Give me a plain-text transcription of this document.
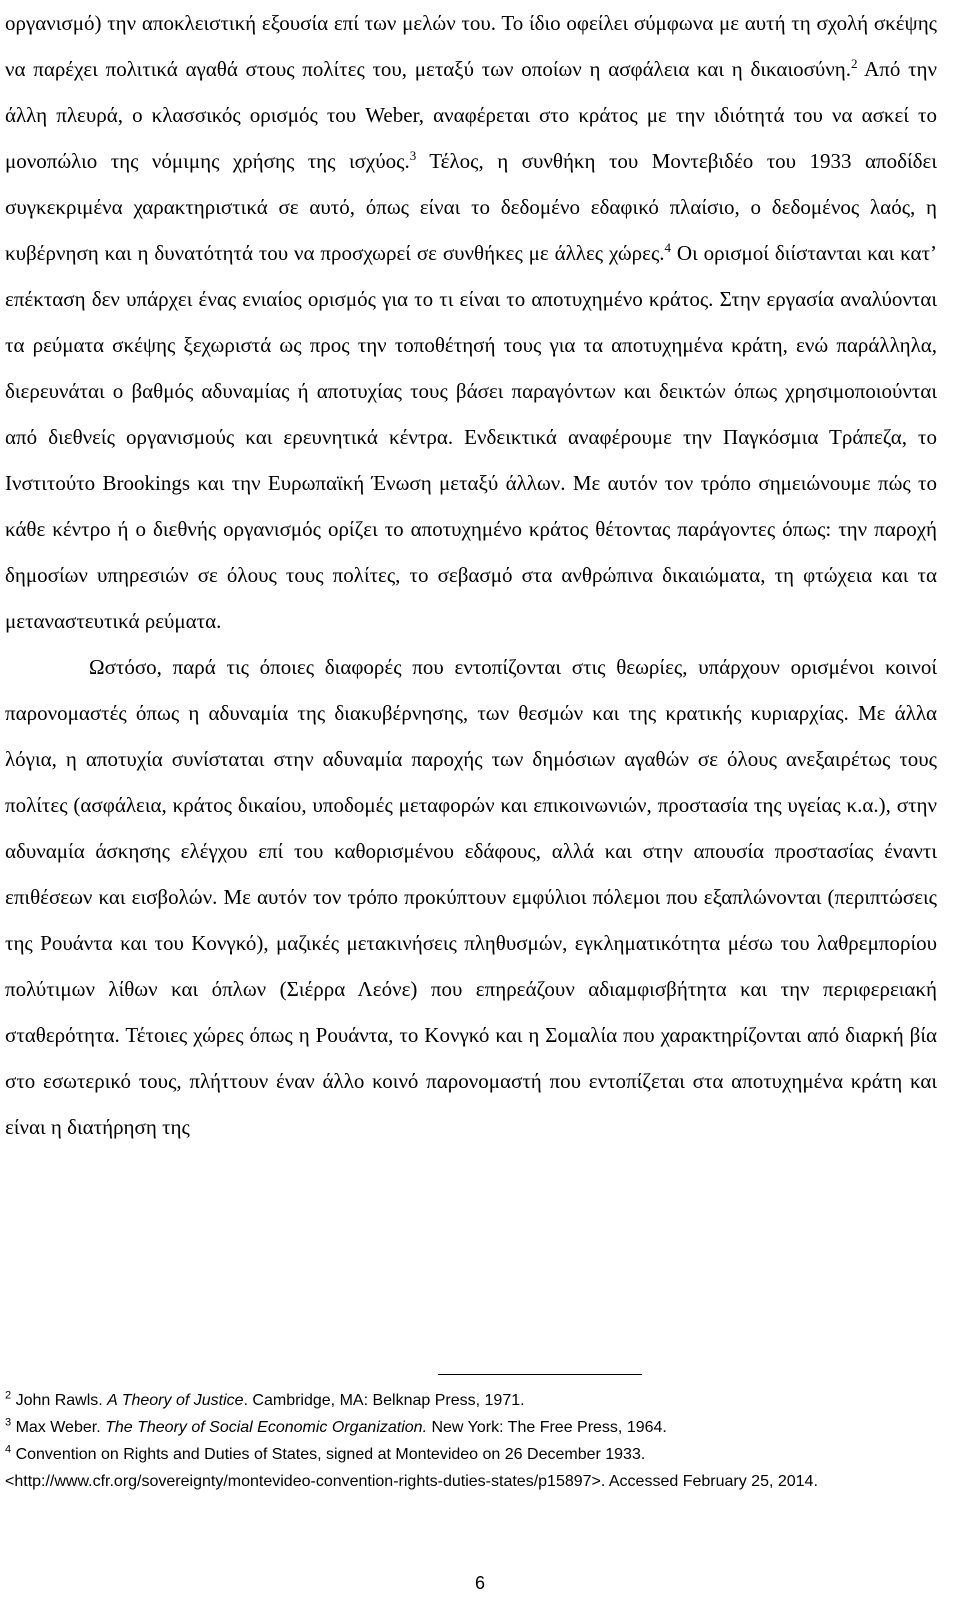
οργανισμό) την αποκλειστική εξουσία επί των μελών του. Το ίδιο οφείλει σύμφωνα με αυτή τη σχολή σκέψης να παρέχει πολιτικά αγαθά στους πολίτες του, μεταξύ των οποίων η ασφάλεια και η δικαιοσύνη.$^2$ Από την άλλη πλευρά, ο κλασσικός ορισμός του Weber, αναφέρεται στο κράτος με την ιδιότητά του να ασκεί το μονοπώλιο της νόμιμης χρήσης της ισχύος.$^3$ Τέλος, η συνθήκη του Μοντεβιδέο του 1933 αποδίδει συγκεκριμένα χαρακτηριστικά σε αυτό, όπως είναι το δεδομένο εδαφικό πλαίσιο, ο δεδομένος λαός, η κυβέρνηση και η δυνατότητά του να προσχωρεί σε συνθήκες με άλλες χώρες.$^4$ Οι ορισμοί διίστανται και κατ’ επέκταση δεν υπάρχει ένας ενιαίος ορισμός για το τι είναι το αποτυχημένο κράτος. Στην εργασία αναλύονται τα ρεύματα σκέψης ξεχωριστά ως προς την τοποθέτησή τους για τα αποτυχημένα κράτη, ενώ παράλληλα, διερευνάται ο βαθμός αδυναμίας ή αποτυχίας τους βάσει παραγόντων και δεικτών όπως χρησιμοποιούνται από διεθνείς οργανισμούς και ερευνητικά κέντρα. Ενδεικτικά αναφέρουμε την Παγκόσμια Τράπεζα, το Ινστιτούτο Brookings και την Ευρωπαϊκή Ένωση μεταξύ άλλων. Με αυτόν τον τρόπο σημειώνουμε πώς το κάθε κέντρο ή ο διεθνής οργανισμός ορίζει το αποτυχημένο κράτος θέτοντας παράγοντες όπως: την παροχή δημοσίων υπηρεσιών σε όλους τους πολίτες, το σεβασμό στα ανθρώπινα δικαιώματα, τη φτώχεια και τα μεταναστευτικά ρεύματα.

Ωστόσο, παρά τις όποιες διαφορές που εντοπίζονται στις θεωρίες, υπάρχουν ορισμένοι κοινοί παρονομαστές όπως η αδυναμία της διακυβέρνησης, των θεσμών και της κρατικής κυριαρχίας. Με άλλα λόγια, η αποτυχία συνίσταται στην αδυναμία παροχής των δημόσιων αγαθών σε όλους ανεξαιρέτως τους πολίτες (ασφάλεια, κράτος δικαίου, υποδομές μεταφορών και επικοινωνιών, προστασία της υγείας κ.α.), στην αδυναμία άσκησης ελέγχου επί του καθορισμένου εδάφους, αλλά και στην απουσία προστασίας έναντι επιθέσεων και εισβολών. Με αυτόν τον τρόπο προκύπτουν εμφύλιοι πόλεμοι που εξαπλώνονται (περιπτώσεις της Ρουάντα και του Κονγκό), μαζικές μετακινήσεις πληθυσμών, εγκληματικότητα μέσω του λαθρεμπορίου πολύτιμων λίθων και όπλων (Σιέρρα Λεόνε) που επηρεάζουν αδιαμφισβήτητα και την περιφερειακή σταθερότητα. Τέτοιες χώρες όπως η Ρουάντα, το Κονγκό και η Σομαλία που χαρακτηρίζονται από διαρκή βία στο εσωτερικό τους, πλήττουν έναν άλλο κοινό παρονομαστή που εντοπίζεται στα αποτυχημένα κράτη και είναι η διατήρηση της

$^2$ John Rawls. A Theory of Justice. Cambridge, MA: Belknap Press, 1971.

$^3$ Max Weber. The Theory of Social Economic Organization. New York: The Free Press, 1964.

$^4$ Convention on Rights and Duties of States, signed at Montevideo on 26 December 1933.
<http://www.cfr.org/sovereignty/montevideo-convention-rights-duties-states/p15897>. Accessed February 25, 2014.

6
